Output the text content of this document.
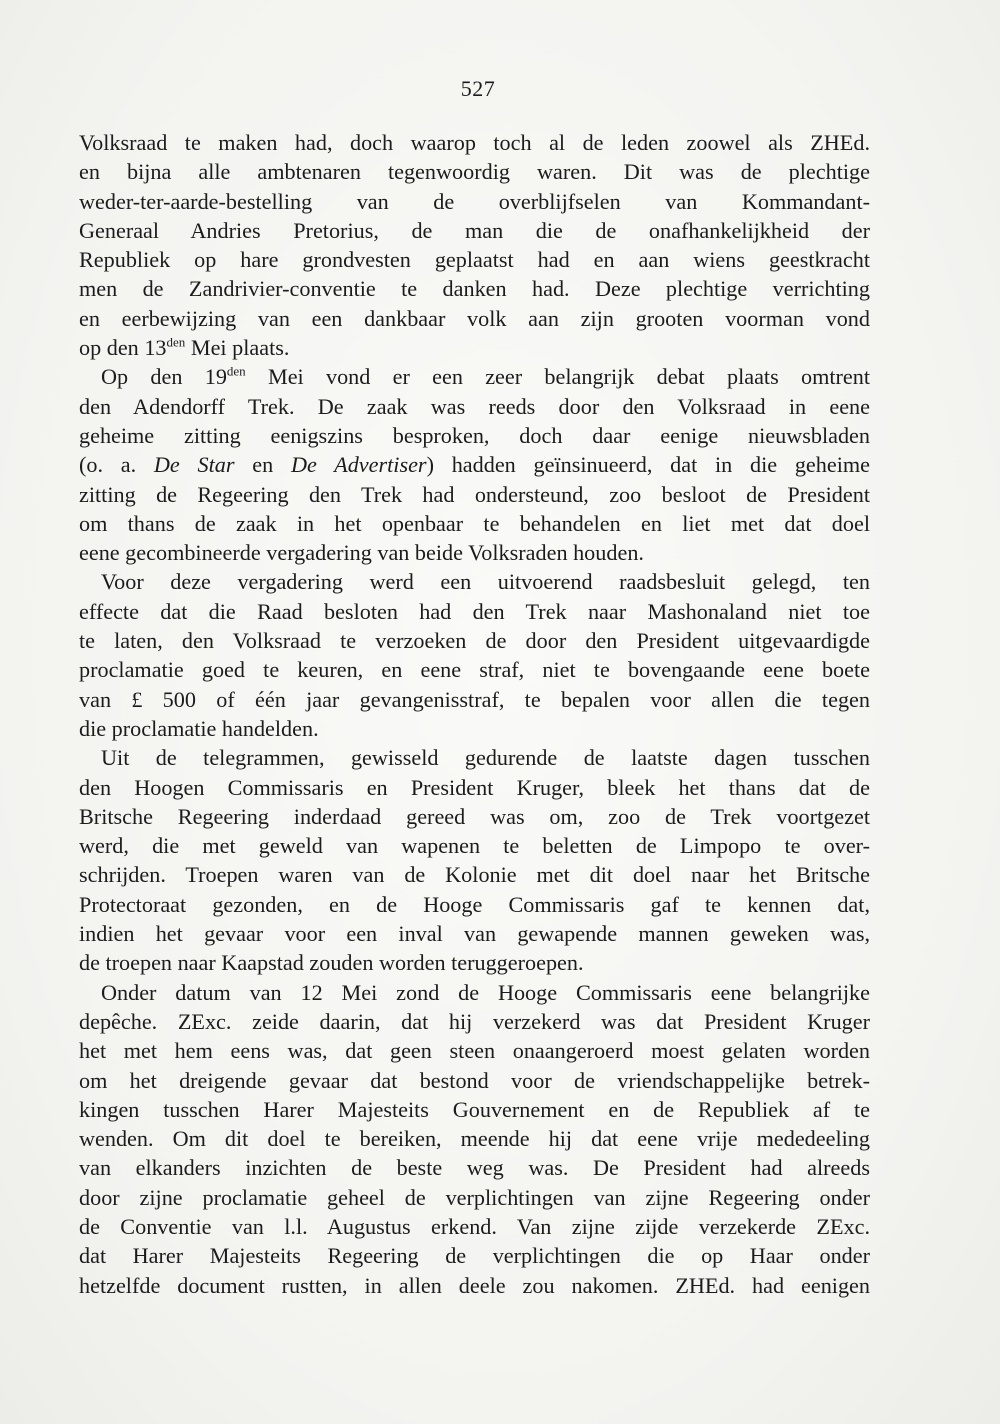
527
Volksraad te maken had, doch waarop toch al de leden zoowel als ZHEd.
en bijna alle ambtenaren tegenwoordig waren. Dit was de plechtige
weder-ter-aarde-bestelling van de overblijfselen van Kommandant-
Generaal Andries Pretorius, de man die de onafhankelijkheid der
Republiek op hare grondvesten geplaatst had en aan wiens geestkracht
men de Zandrivier-conventie te danken had. Deze plechtige verrichting
en eerbewijzing van een dankbaar volk aan zijn grooten voorman vond
op den $13^{den}$ Mei plaats.
Op den $19^{den}$ Mei vond er een zeer belangrijk debat plaats omtrent
den Adendorff Trek. De zaak was reeds door den Volksraad in eene
geheime zitting eenigszins besproken, doch daar eenige nieuwsbladen
(o. a. De Star en De Advertiser) hadden geïnsinueerd, dat in die geheime
zitting de Regeering den Trek had ondersteund, zoo besloot de President
om thans de zaak in het openbaar te behandelen en liet met dat doel
eene gecombineerde vergadering van beide Volksraden houden.
Voor deze vergadering werd een uitvoerend raadsbesluit gelegd, ten
effecte dat die Raad besloten had den Trek naar Mashonaland niet toe
te laten, den Volksraad te verzoeken de door den President uitgevaardigde
proclamatie goed te keuren, en eene straf, niet te bovengaande eene boete
van £ 500 of één jaar gevangenisstraf, te bepalen voor allen die tegen
die proclamatie handelden.
Uit de telegrammen, gewisseld gedurende de laatste dagen tusschen
den Hoogen Commissaris en President Kruger, bleek het thans dat de
Britsche Regeering inderdaad gereed was om, zoo de Trek voortgezet
werd, die met geweld van wapenen te beletten de Limpopo te over-
schrijden. Troepen waren van de Kolonie met dit doel naar het Britsche
Protectoraat gezonden, en de Hooge Commissaris gaf te kennen dat,
indien het gevaar voor een inval van gewapende mannen geweken was,
de troepen naar Kaapstad zouden worden teruggeroepen.
Onder datum van 12 Mei zond de Hooge Commissaris eene belangrijke
depêche. ZExc. zeide daarin, dat hij verzekerd was dat President Kruger
het met hem eens was, dat geen steen onaangeroerd moest gelaten worden
om het dreigende gevaar dat bestond voor de vriendschappelijke betrek-
kingen tusschen Harer Majesteits Gouvernement en de Republiek af te
wenden. Om dit doel te bereiken, meende hij dat eene vrije mededeeling
van elkanders inzichten de beste weg was. De President had alreeds
door zijne proclamatie geheel de verplichtingen van zijne Regeering onder
de Conventie van l.l. Augustus erkend. Van zijne zijde verzekerde ZExc.
dat Harer Majesteits Regeering de verplichtingen die op Haar onder
hetzelfde document rustten, in allen deele zou nakomen. ZHEd. had eenigen
